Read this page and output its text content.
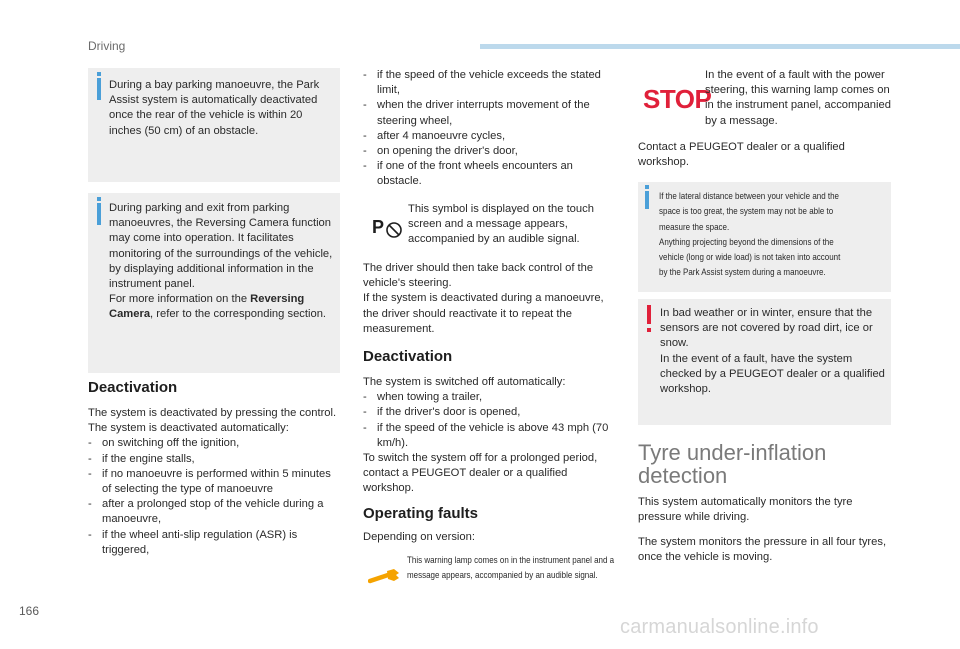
Driving

During a bay parking manoeuvre, the Park Assist system is automatically deactivated once the rear of the vehicle is within 20 inches (50 cm) of an obstacle.

During parking and exit from parking manoeuvres, the Reversing Camera function may come into operation. It facilitates monitoring of the surroundings of the vehicle, by displaying additional information in the instrument panel.

For more information on the Reversing Camera, refer to the corresponding section.

Deactivation

The system is deactivated by pressing the control.

The system is deactivated automatically:

- on switching off the ignition,
- if the engine stalls,
- if no manoeuvre is performed within 5 minutes of selecting the type of manoeuvre
- after a prolonged stop of the vehicle during a manoeuvre,
- if the wheel anti-slip regulation (ASR) is triggered,
- if the speed of the vehicle exceeds the stated limit,
- when the driver interrupts movement of the steering wheel,
- after 4 manoeuvre cycles,
- on opening the driver's door,
- if one of the front wheels encounters an obstacle.
P
This symbol is displayed on the touch screen and a message appears, accompanied by an audible signal.

The driver should then take back control of the vehicle's steering.

If the system is deactivated during a manoeuvre, the driver should reactivate it to repeat the measurement.

Deactivation

The system is switched off automatically:

- when towing a trailer,
- if the driver's door is opened,
- if the speed of the vehicle is above 43 mph (70 km/h).

To switch the system off for a prolonged period, contact a PEUGEOT dealer or a qualified workshop.

Operating faults
Depending on version:
This warning lamp comes on in the instrument panel and a message appears, accompanied by an audible signal.
STOP
In the event of a fault with the power steering, this warning lamp comes on in the instrument panel, accompanied by a message.
Contact a PEUGEOT dealer or a qualified workshop.
If the lateral distance between your vehicle and the
space is too great, the system may not be able to
measure the space.
Anything projecting beyond the dimensions of the
vehicle (long or wide load) is not taken into account
by the Park Assist system during a manoeuvre.

In bad weather or in winter, ensure that the sensors are not covered by road dirt, ice or snow.

In the event of a fault, have the system checked by a PEUGEOT dealer or a qualified workshop.

Tyre under-inflation
detection
This system automatically monitors the tyre pressure while driving.
The system monitors the pressure in all four tyres, once the vehicle is moving.
166
carmanualsonline.info
